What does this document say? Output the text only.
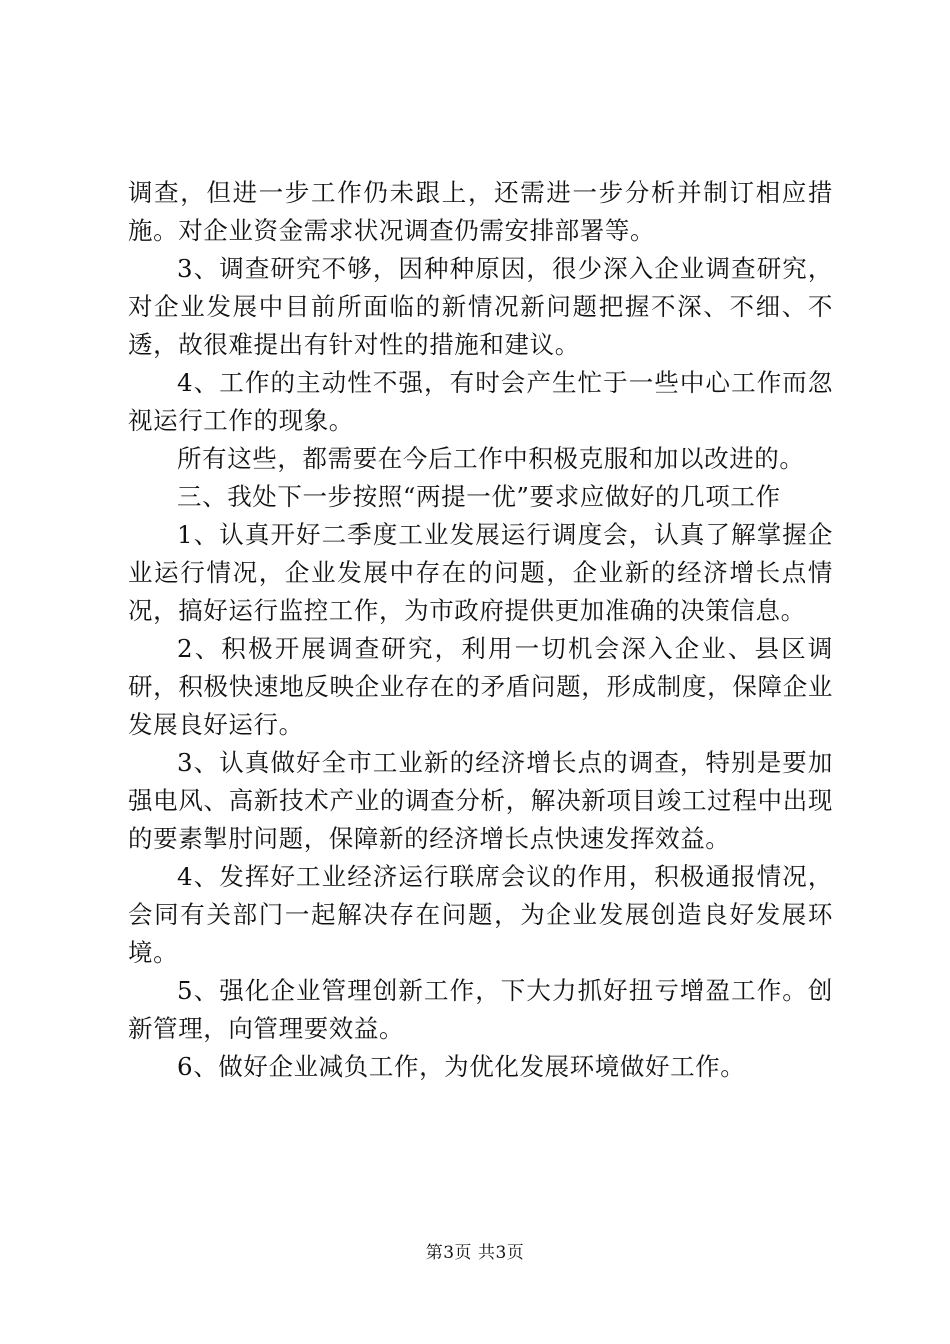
调查，但进一步工作仍未跟上，还需进一步分析并制订相应措施。对企业资金需求状况调查仍需安排部署等。

3、调查研究不够，因种种原因，很少深入企业调查研究，对企业发展中目前所面临的新情况新问题把握不深、不细、不透，故很难提出有针对性的措施和建议。

4、工作的主动性不强，有时会产生忙于一些中心工作而忽视运行工作的现象。

所有这些，都需要在今后工作中积极克服和加以改进的。

三、我处下一步按照“两提一优”要求应做好的几项工作

1、认真开好二季度工业发展运行调度会，认真了解掌握企业运行情况，企业发展中存在的问题，企业新的经济增长点情况，搞好运行监控工作，为市政府提供更加准确的决策信息。

2、积极开展调查研究，利用一切机会深入企业、县区调研，积极快速地反映企业存在的矛盾问题，形成制度，保障企业发展良好运行。

3、认真做好全市工业新的经济增长点的调查，特别是要加强电风、高新技术产业的调查分析，解决新项目竣工过程中出现的要素掣肘问题，保障新的经济增长点快速发挥效益。

4、发挥好工业经济运行联席会议的作用，积极通报情况，会同有关部门一起解决存在问题，为企业发展创造良好发展环境。

5、强化企业管理创新工作，下大力抓好扭亏增盈工作。创新管理，向管理要效益。

6、做好企业减负工作，为优化发展环境做好工作。

第3页 共3页
